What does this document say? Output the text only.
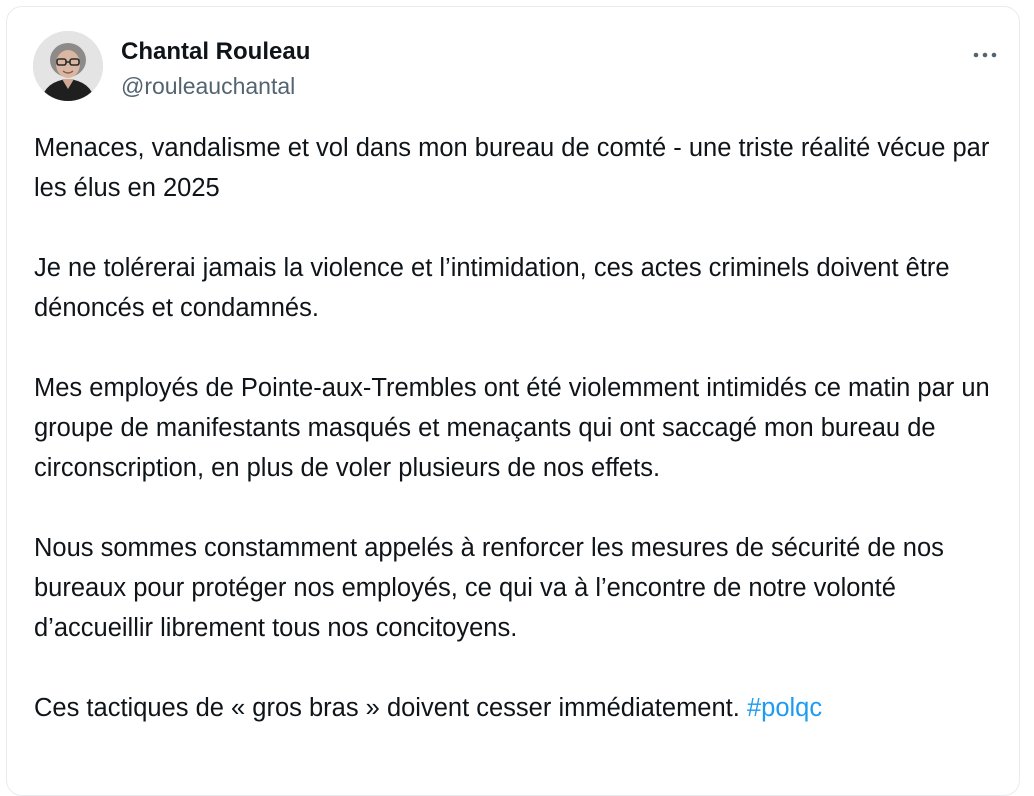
Chantal Rouleau
@rouleauchantal

Menaces, vandalisme et vol dans mon bureau de comté - une triste réalité vécue par les élus en 2025

Je ne tolérerai jamais la violence et l’intimidation, ces actes criminels doivent être dénoncés et condamnés.

Mes employés de Pointe-aux-Trembles ont été violemment intimidés ce matin par un groupe de manifestants masqués et menaçants qui ont saccagé mon bureau de circonscription, en plus de voler plusieurs de nos effets.

Nous sommes constamment appelés à renforcer les mesures de sécurité de nos bureaux pour protéger nos employés, ce qui va à l’encontre de notre volonté d’accueillir librement tous nos concitoyens.

Ces tactiques de « gros bras » doivent cesser immédiatement. #polqc
